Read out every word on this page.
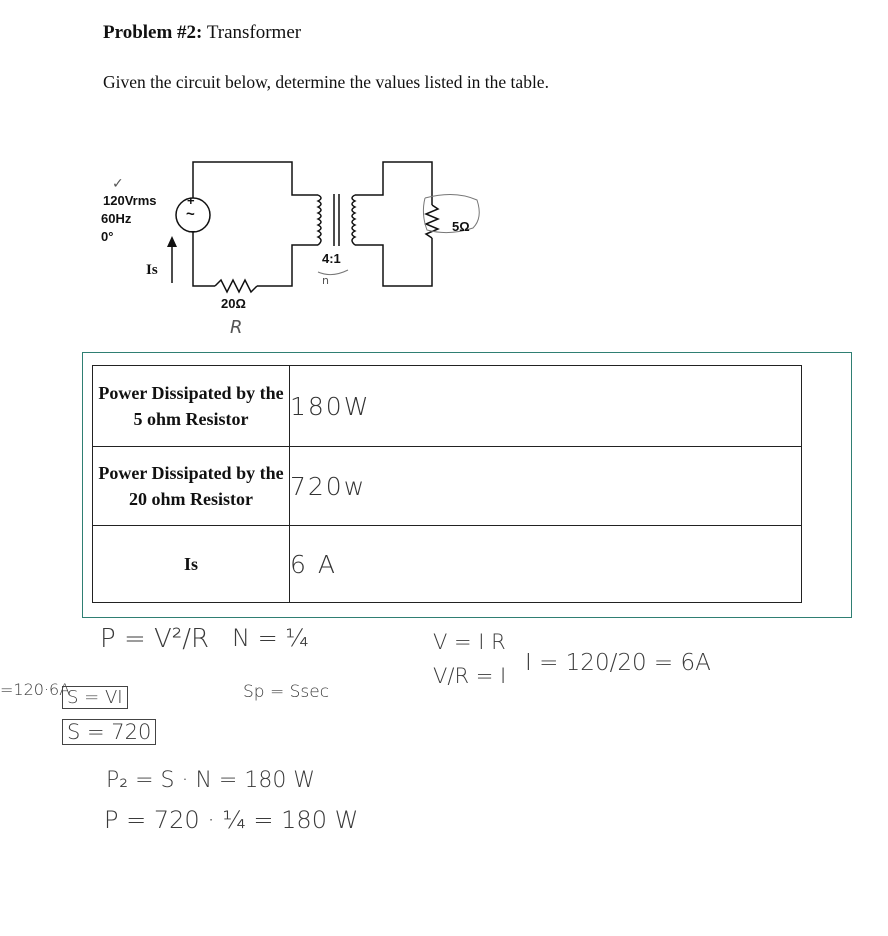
Problem #2: Transformer
Given the circuit below, determine the values listed in the table.
120Vrms
60Hz
0°
+
−
~
Is
20Ω
4:1
5Ω
✓
R
n
Power Dissipated by the 5 ohm Resistor	180W
Power Dissipated by the 20 ohm Resistor	720w
Is	6 A
P = V²/R N = ¼	V = I R
V/R = I I = 120/20 = 6A
=120·6A
S = VI
S = 720
Sp = Ssec
P₂ = S · N = 180 W
P = 720 · ¼ = 180 W
